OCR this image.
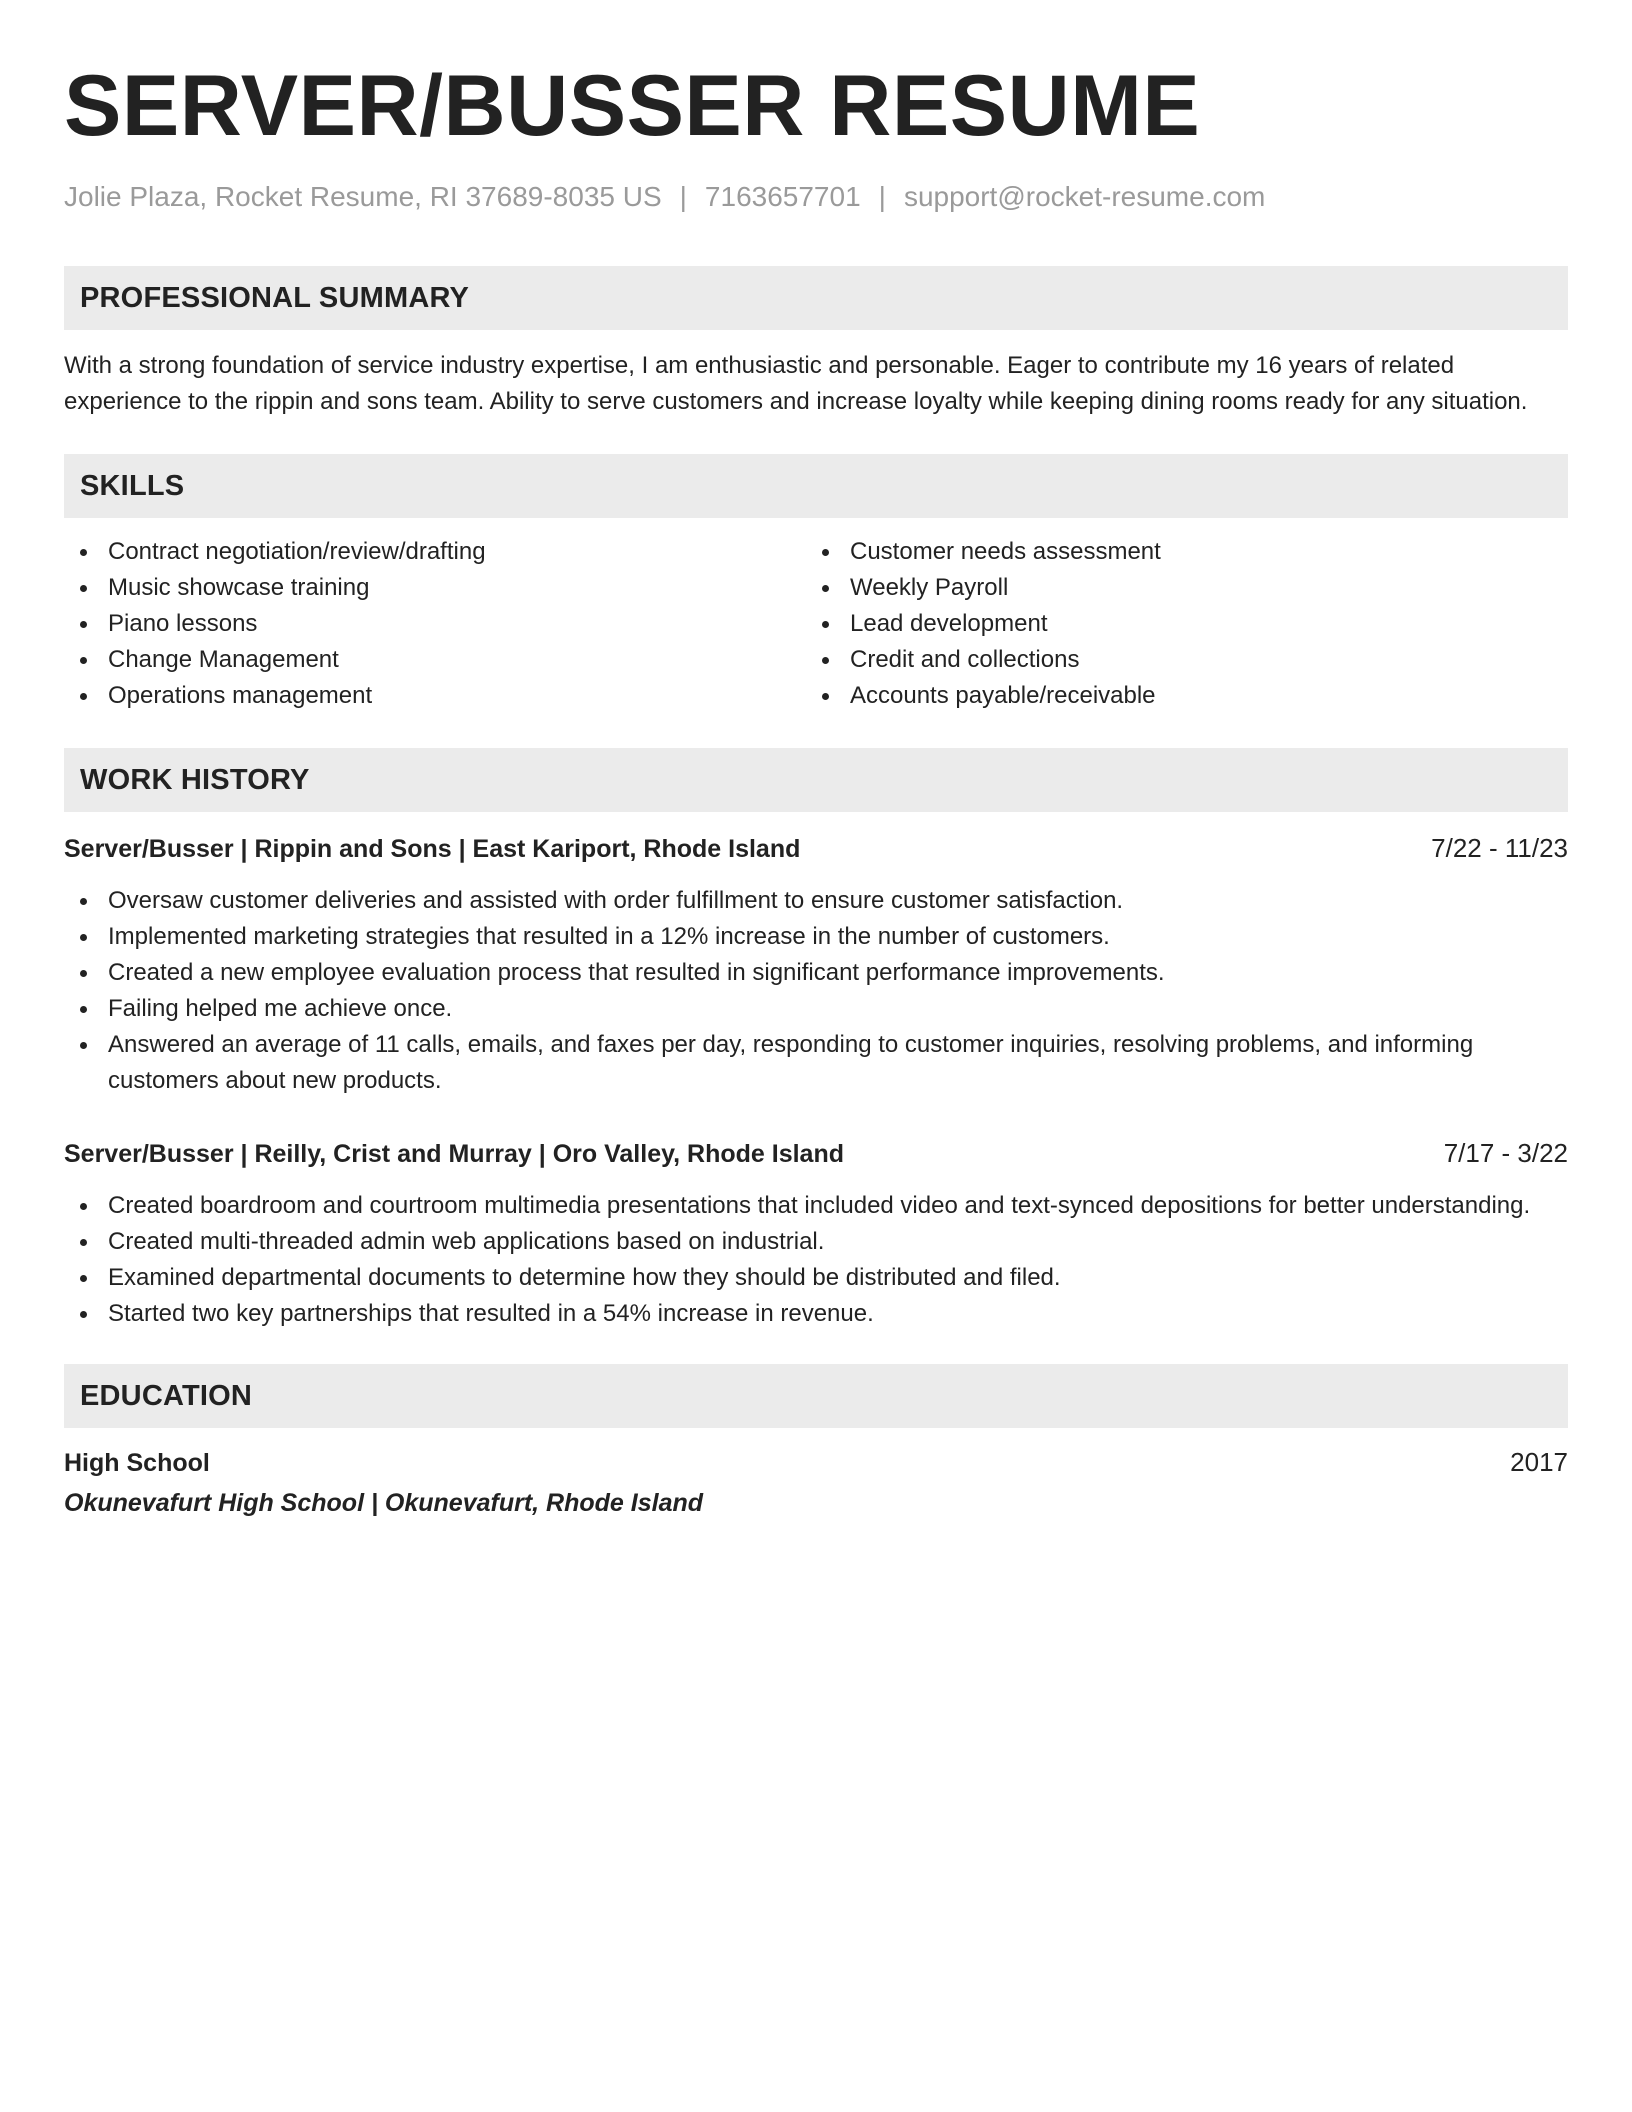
SERVER/BUSSER RESUME
Jolie Plaza, Rocket Resume, RI 37689-8035 US | 7163657701 | support@rocket-resume.com
PROFESSIONAL SUMMARY

With a strong foundation of service industry expertise, I am enthusiastic and personable. Eager to contribute my 16 years of related experience to the rippin and sons team. Ability to serve customers and increase loyalty while keeping dining rooms ready for any situation.

SKILLS
Contract negotiation/review/drafting
Music showcase training
Piano lessons
Change Management
Operations management
Customer needs assessment
Weekly Payroll
Lead development
Credit and collections
Accounts payable/receivable
WORK HISTORY
Server/Busser | Rippin and Sons | East Kariport, Rhode Island	7/22 - 11/23
Oversaw customer deliveries and assisted with order fulfillment to ensure customer satisfaction.
Implemented marketing strategies that resulted in a 12% increase in the number of customers.
Created a new employee evaluation process that resulted in significant performance improvements.
Failing helped me achieve once.
Answered an average of 11 calls, emails, and faxes per day, responding to customer inquiries, resolving problems, and informing customers about new products.
Server/Busser | Reilly, Crist and Murray | Oro Valley, Rhode Island	7/17 - 3/22
Created boardroom and courtroom multimedia presentations that included video and text-synced depositions for better understanding.
Created multi-threaded admin web applications based on industrial.
Examined departmental documents to determine how they should be distributed and filed.
Started two key partnerships that resulted in a 54% increase in revenue.
EDUCATION
High School	2017
Okunevafurt High School | Okunevafurt, Rhode Island
